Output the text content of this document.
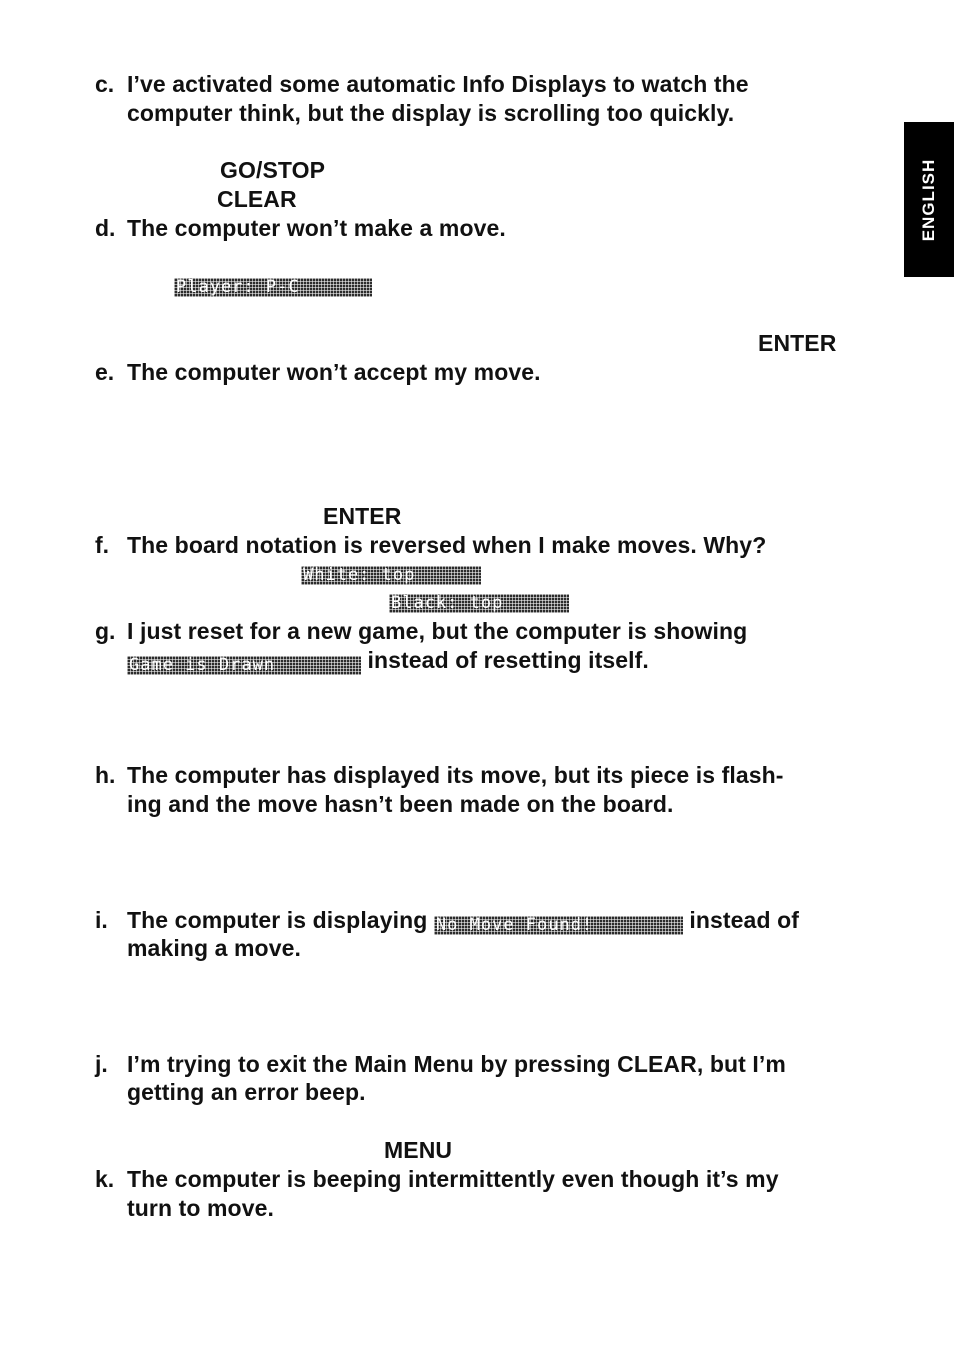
ENGLISH
c. I’ve activated some automatic Info Displays to watch the
computer think, but the display is scrolling too quickly.
GO/STOP
CLEAR
d. The computer won’t make a move.
Player: P-C
ENTER
e. The computer won’t accept my move.
ENTER
f. The board notation is reversed when I make moves. Why?
White: top
Black: top
g. I just reset for a new game, but the computer is showing
Game is Drawn	instead of resetting itself.
h. The computer has displayed its move, but its piece is flash-
ing and the move hasn’t been made on the board.
i. The computer is displaying No Move Found!	instead of
making a move.
j. I’m trying to exit the Main Menu by pressing CLEAR, but I’m
getting an error beep.
MENU
k. The computer is beeping intermittently even though it’s my
turn to move.
